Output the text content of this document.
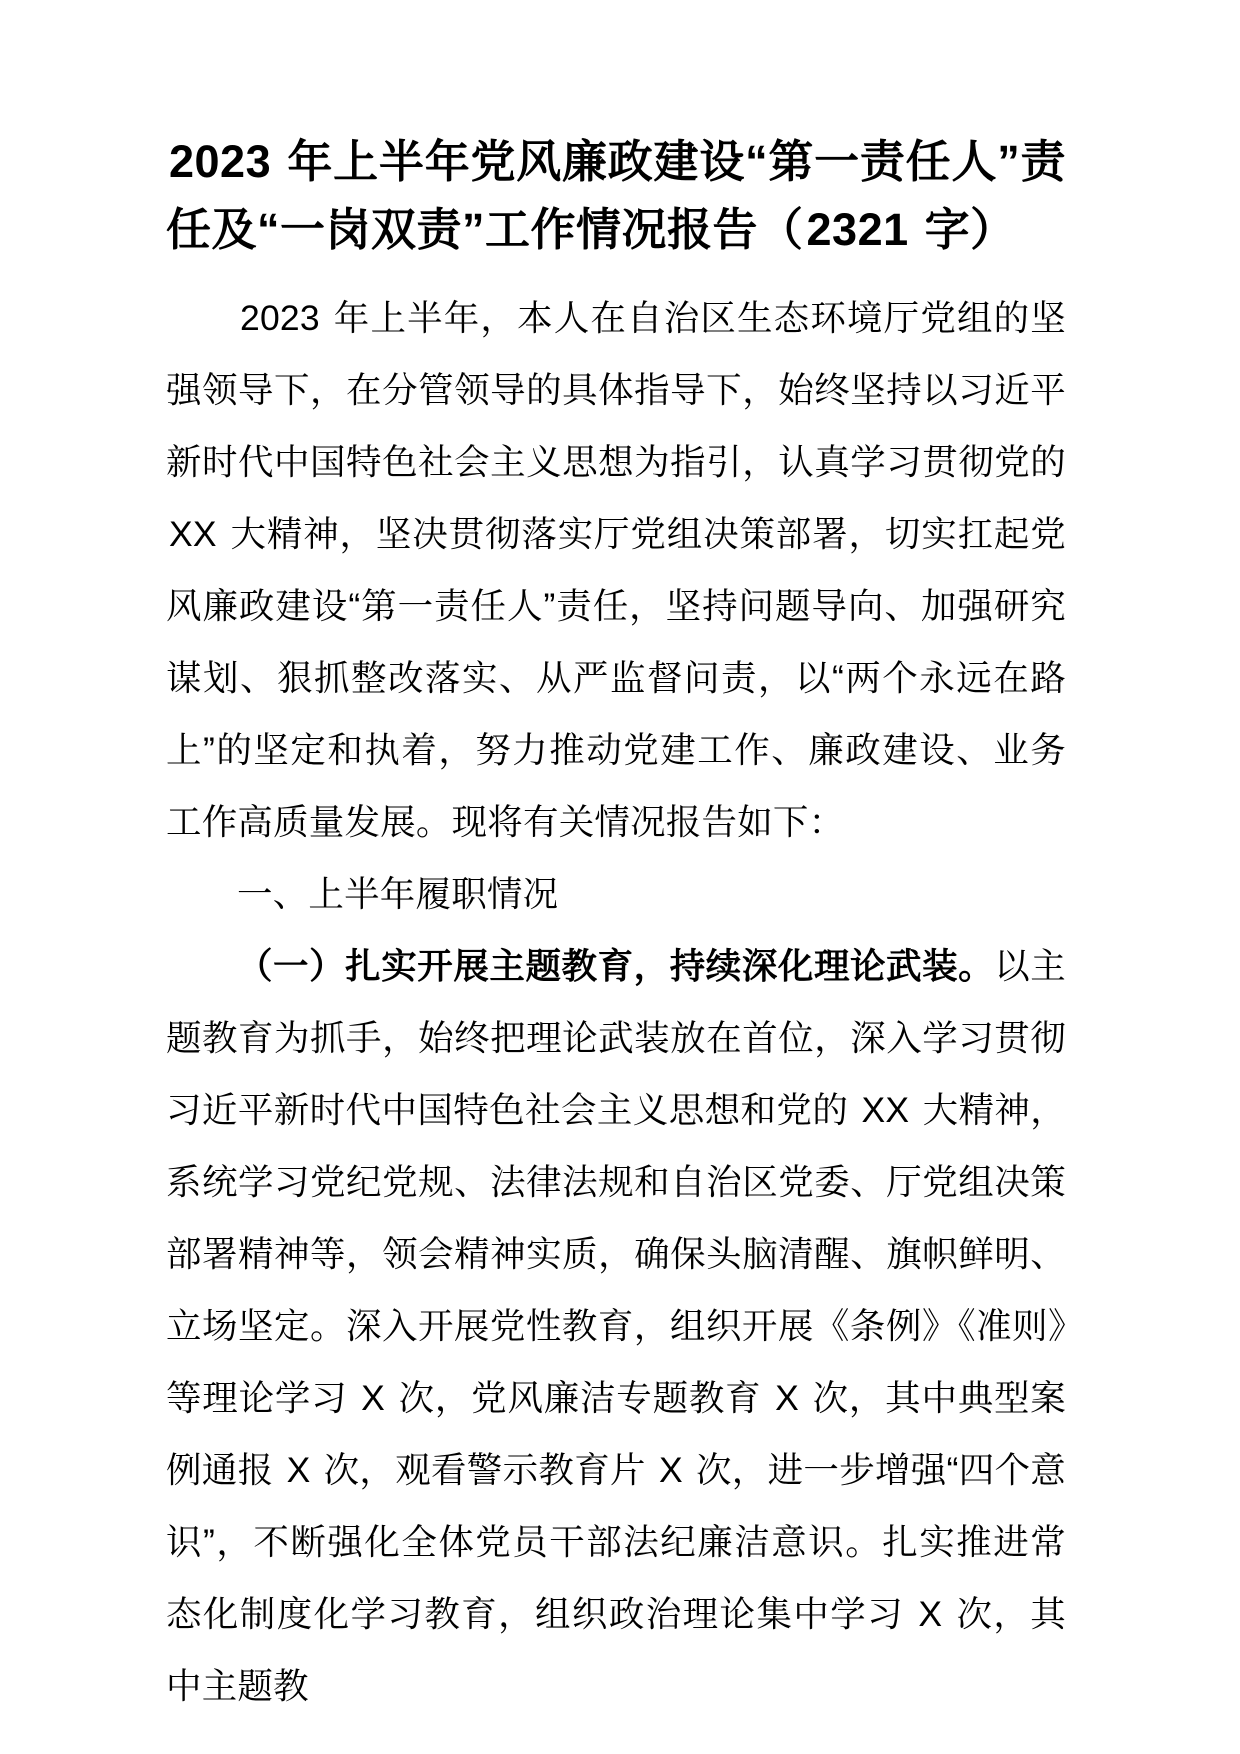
2023 年上半年党风廉政建设“第一责任人”责任及“一岗双责”工作情况报告（2321 字）

2023 年上半年，本人在自治区生态环境厅党组的坚强领导下，在分管领导的具体指导下，始终坚持以习近平新时代中国特色社会主义思想为指引，认真学习贯彻党的 XX 大精神，坚决贯彻落实厅党组决策部署，切实扛起党风廉政建设“第一责任人”责任，坚持问题导向、加强研究谋划、狠抓整改落实、从严监督问责，以“两个永远在路上”的坚定和执着，努力推动党建工作、廉政建设、业务工作高质量发展。现将有关情况报告如下：

一、上半年履职情况

（一）扎实开展主题教育，持续深化理论武装。以主题教育为抓手，始终把理论武装放在首位，深入学习贯彻习近平新时代中国特色社会主义思想和党的 XX 大精神，系统学习党纪党规、法律法规和自治区党委、厅党组决策部署精神等，领会精神实质，确保头脑清醒、旗帜鲜明、立场坚定。深入开展党性教育，组织开展《条例》《准则》等理论学习 X 次，党风廉洁专题教育 X 次，其中典型案例通报 X 次，观看警示教育片 X 次，进一步增强“四个意识”，不断强化全体党员干部法纪廉洁意识。扎实推进常态化制度化学习教育，组织政治理论集中学习 X 次，其中主题教
